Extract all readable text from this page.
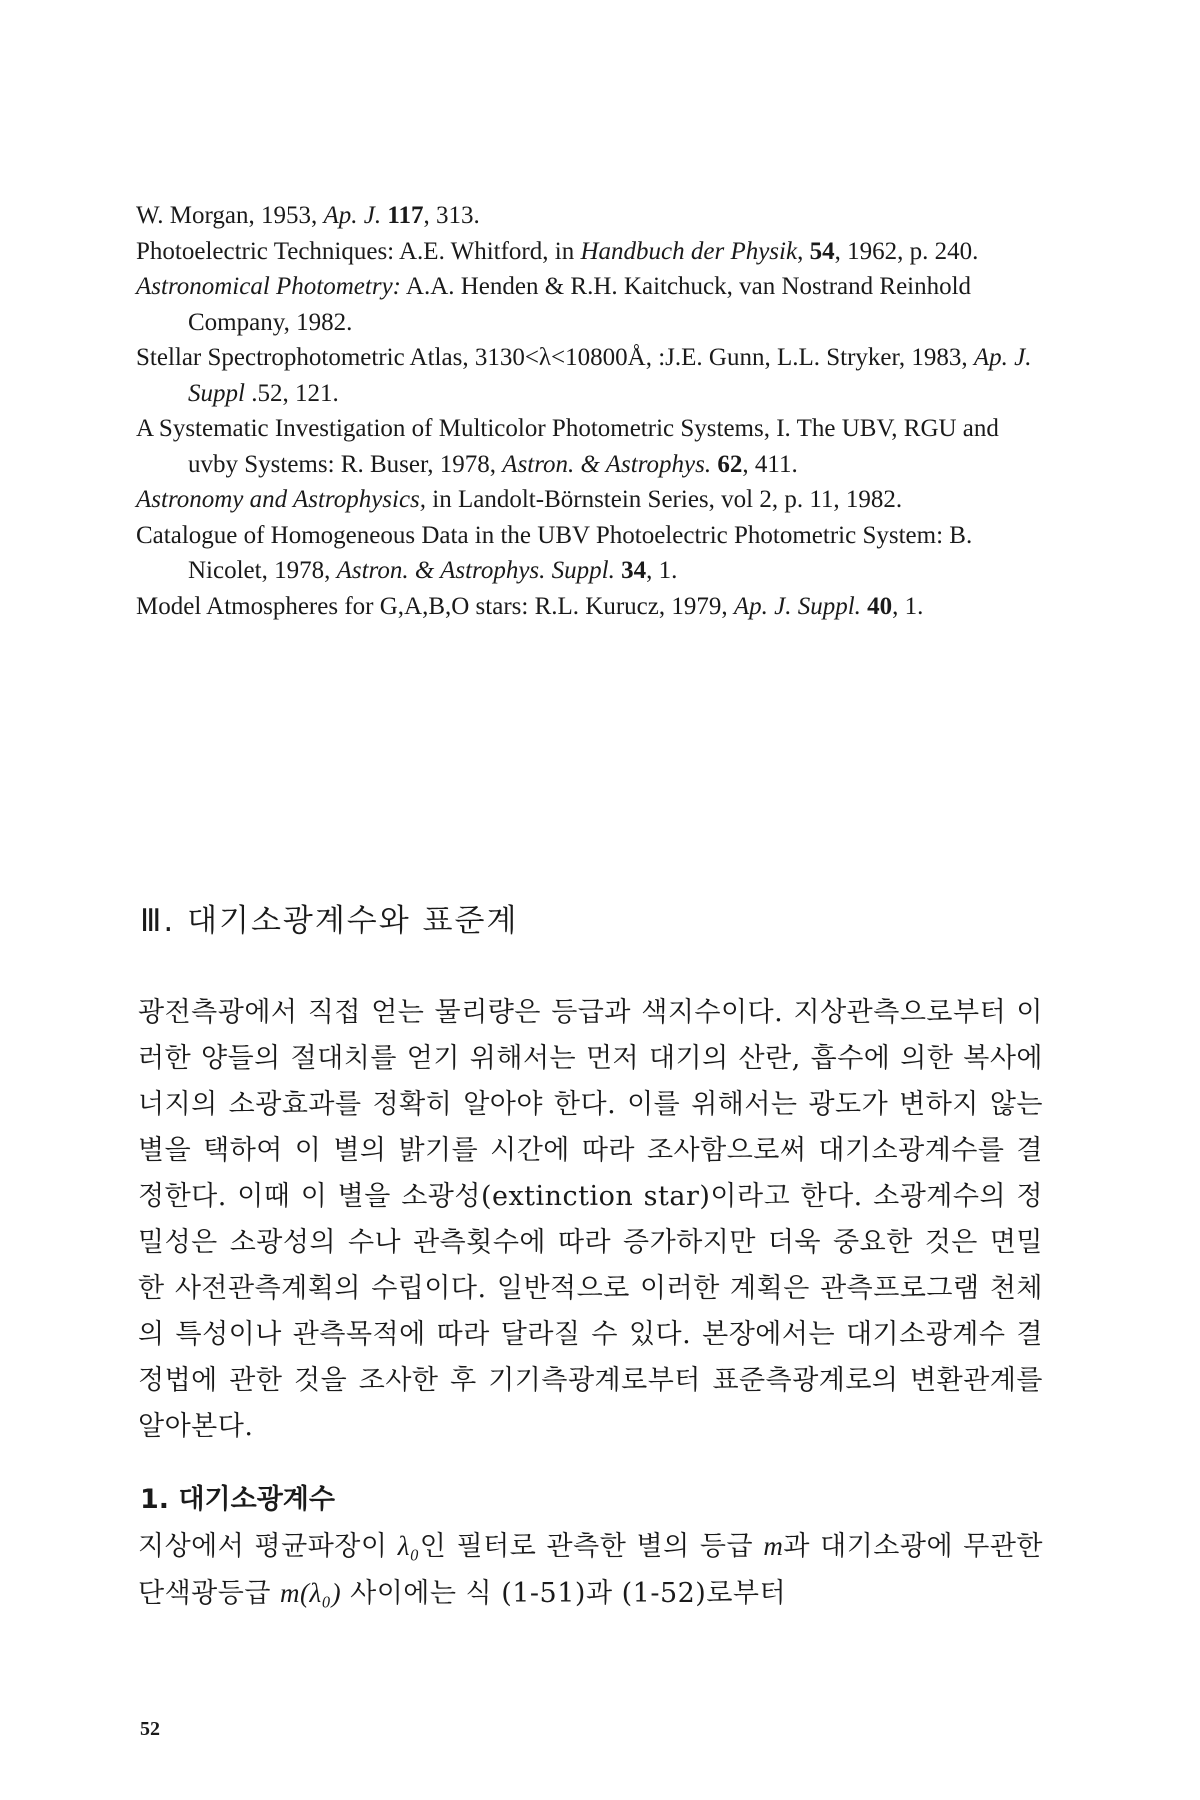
W. Morgan, 1953, Ap. J. 117, 313.

Photoelectric Techniques: A.E. Whitford, in Handbuch der Physik, 54, 1962, p. 240.

Astronomical Photometry: A.A. Henden & R.H. Kaitchuck, van Nostrand Reinhold Company, 1982.

Stellar Spectrophotometric Atlas, 3130<λ<10800Å, :J.E. Gunn, L.L. Stryker, 1983, Ap. J. Suppl .52, 121.

A Systematic Investigation of Multicolor Photometric Systems, I. The UBV, RGU and uvby Systems: R. Buser, 1978, Astron. & Astrophys. 62, 411.

Astronomy and Astrophysics, in Landolt-Börnstein Series, vol 2, p. 11, 1982.

Catalogue of Homogeneous Data in the UBV Photoelectric Photometric System: B. Nicolet, 1978, Astron. & Astrophys. Suppl. 34, 1.

Model Atmospheres for G,A,B,O stars: R.L. Kurucz, 1979, Ap. J. Suppl. 40, 1.

Ⅲ. 대기소광계수와 표준계

광전측광에서 직접 얻는 물리량은 등급과 색지수이다. 지상관측으로부터 이러한 양들의 절대치를 얻기 위해서는 먼저 대기의 산란, 흡수에 의한 복사에너지의 소광효과를 정확히 알아야 한다. 이를 위해서는 광도가 변하지 않는 별을 택하여 이 별의 밝기를 시간에 따라 조사함으로써 대기소광계수를 결정한다. 이때 이 별을 소광성(extinction star)이라고 한다. 소광계수의 정밀성은 소광성의 수나 관측횟수에 따라 증가하지만 더욱 중요한 것은 면밀한 사전관측계획의 수립이다. 일반적으로 이러한 계획은 관측프로그램 천체의 특성이나 관측목적에 따라 달라질 수 있다. 본장에서는 대기소광계수 결정법에 관한 것을 조사한 후 기기측광계로부터 표준측광계로의 변환관계를 알아본다.

1. 대기소광계수

지상에서 평균파장이 λ₀인 필터로 관측한 별의 등급 m과 대기소광에 무관한 단색광등급 m(λ₀) 사이에는 식 (1-51)과 (1-52)로부터

52
